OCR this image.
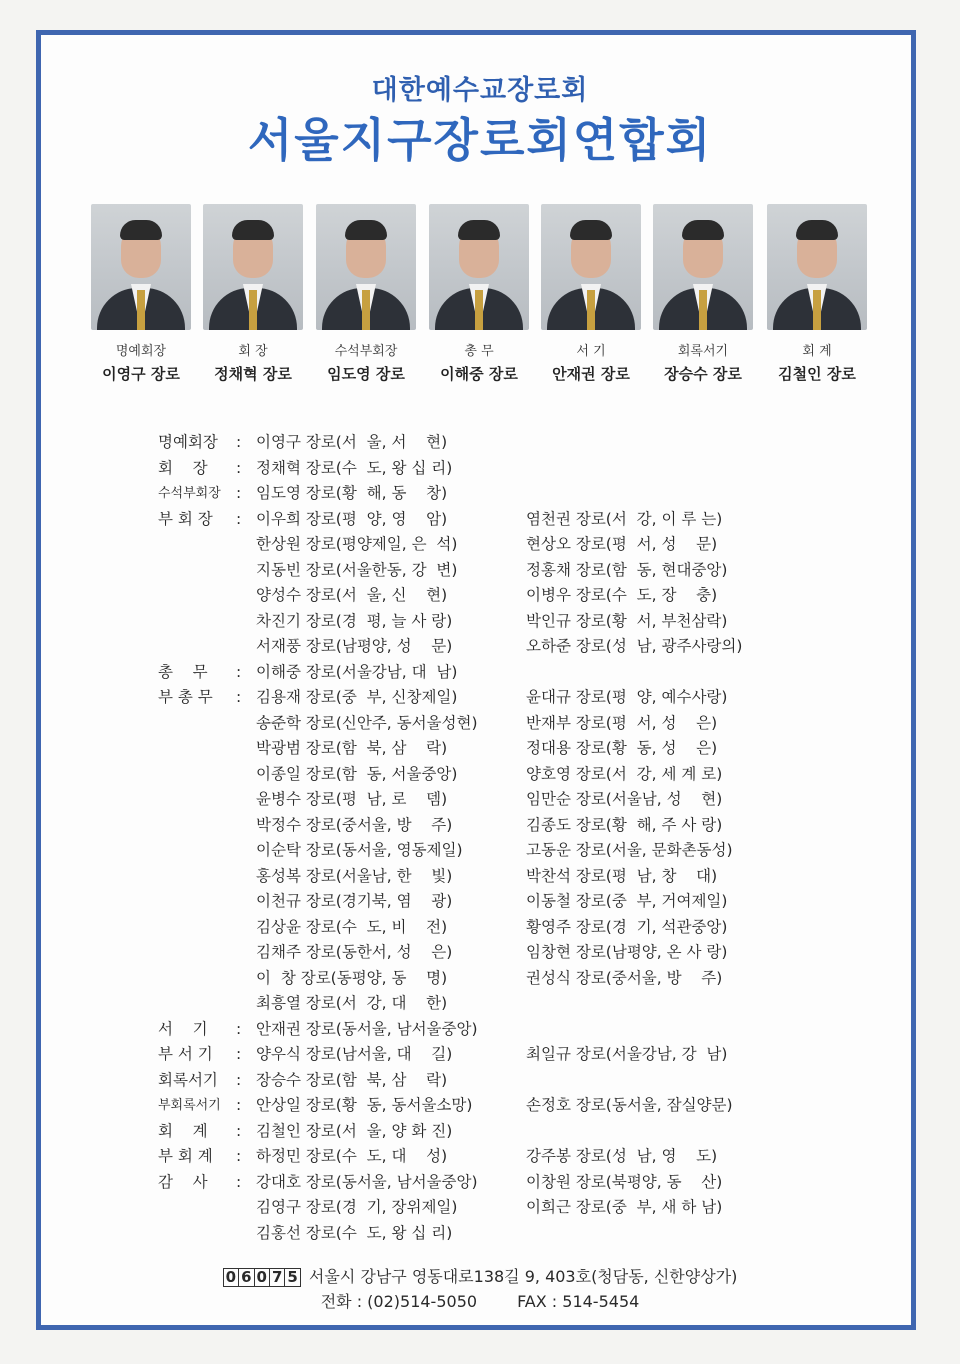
대한예수교장로회
서울지구장로회연합회
명예회장
이영구 장로
회 장
정채혁 장로
수석부회장
임도영 장로
총 무
이해중 장로
서 기
안재권 장로
회록서기
장승수 장로
회 계
김철인 장로
명예회장	: 이영구 장로(서  울, 서    현)
회    장	: 정채혁 장로(수  도, 왕 십 리)
수석부회장 : 임도영 장로(황  해, 동    창)
부 회 장	: 이우희 장로(평  양, 영    암)	염천권 장로(서  강, 이 루 는)
한상원 장로(평양제일, 은  석)	현상오 장로(평  서, 성    문)
지동빈 장로(서울한동, 강  변)	정홍채 장로(함  동, 현대중앙)
양성수 장로(서  울, 신    현)	이병우 장로(수  도, 장    충)
차진기 장로(경  평, 늘 사 랑)	박인규 장로(황  서, 부천삼락)
서재풍 장로(남평양, 성    문)	오하준 장로(성  남, 광주사랑의)
총    무	: 이해중 장로(서울강남, 대  남)
부 총 무	: 김용재 장로(중  부, 신창제일)	윤대규 장로(평  양, 예수사랑)
송준학 장로(신안주, 동서울성현)	반재부 장로(평  서, 성    은)
박광범 장로(함  북, 삼    락)	정대용 장로(황  동, 성    은)
이종일 장로(함  동, 서울중앙)	양호영 장로(서  강, 세 계 로)
윤병수 장로(평  남, 로    뎀)	임만순 장로(서울남, 성    현)
박정수 장로(중서울, 방    주)	김종도 장로(황  해, 주 사 랑)
이순탁 장로(동서울, 영동제일)	고동운 장로(서울, 문화촌동성)
홍성복 장로(서울남, 한    빛)	박찬석 장로(평  남, 창    대)
이천규 장로(경기북, 염    광)	이동철 장로(중  부, 거여제일)
김상윤 장로(수  도, 비    전)	황영주 장로(경  기, 석관중앙)
김채주 장로(동한서, 성    은)	임창현 장로(남평양, 온 사 랑)
이  창 장로(동평양, 동    명)	권성식 장로(중서울, 방    주)
최흥열 장로(서  강, 대    한)
서    기	: 안재권 장로(동서울, 남서울중앙)
부 서 기	: 양우식 장로(남서울, 대    길)	최일규 장로(서울강남, 강  남)
회록서기	: 장승수 장로(함  북, 삼    락)
부회록서기 : 안상일 장로(황  동, 동서울소망)	손정호 장로(동서울, 잠실양문)
회    계	: 김철인 장로(서  울, 양 화 진)
부 회 계	: 하정민 장로(수  도, 대    성)	강주봉 장로(성  남, 영    도)
감    사	: 강대호 장로(동서울, 남서울중앙)	이창원 장로(북평양, 동    산)
김영구 장로(경  기, 장위제일)	이희근 장로(중  부, 새 하 남)
김홍선 장로(수  도, 왕 십 리)
0 6 0 7 5 서울시 강남구 영동대로138길 9, 403호(청담동, 신한양상가)
전화 : (02)514-5050	FAX : 514-5454
